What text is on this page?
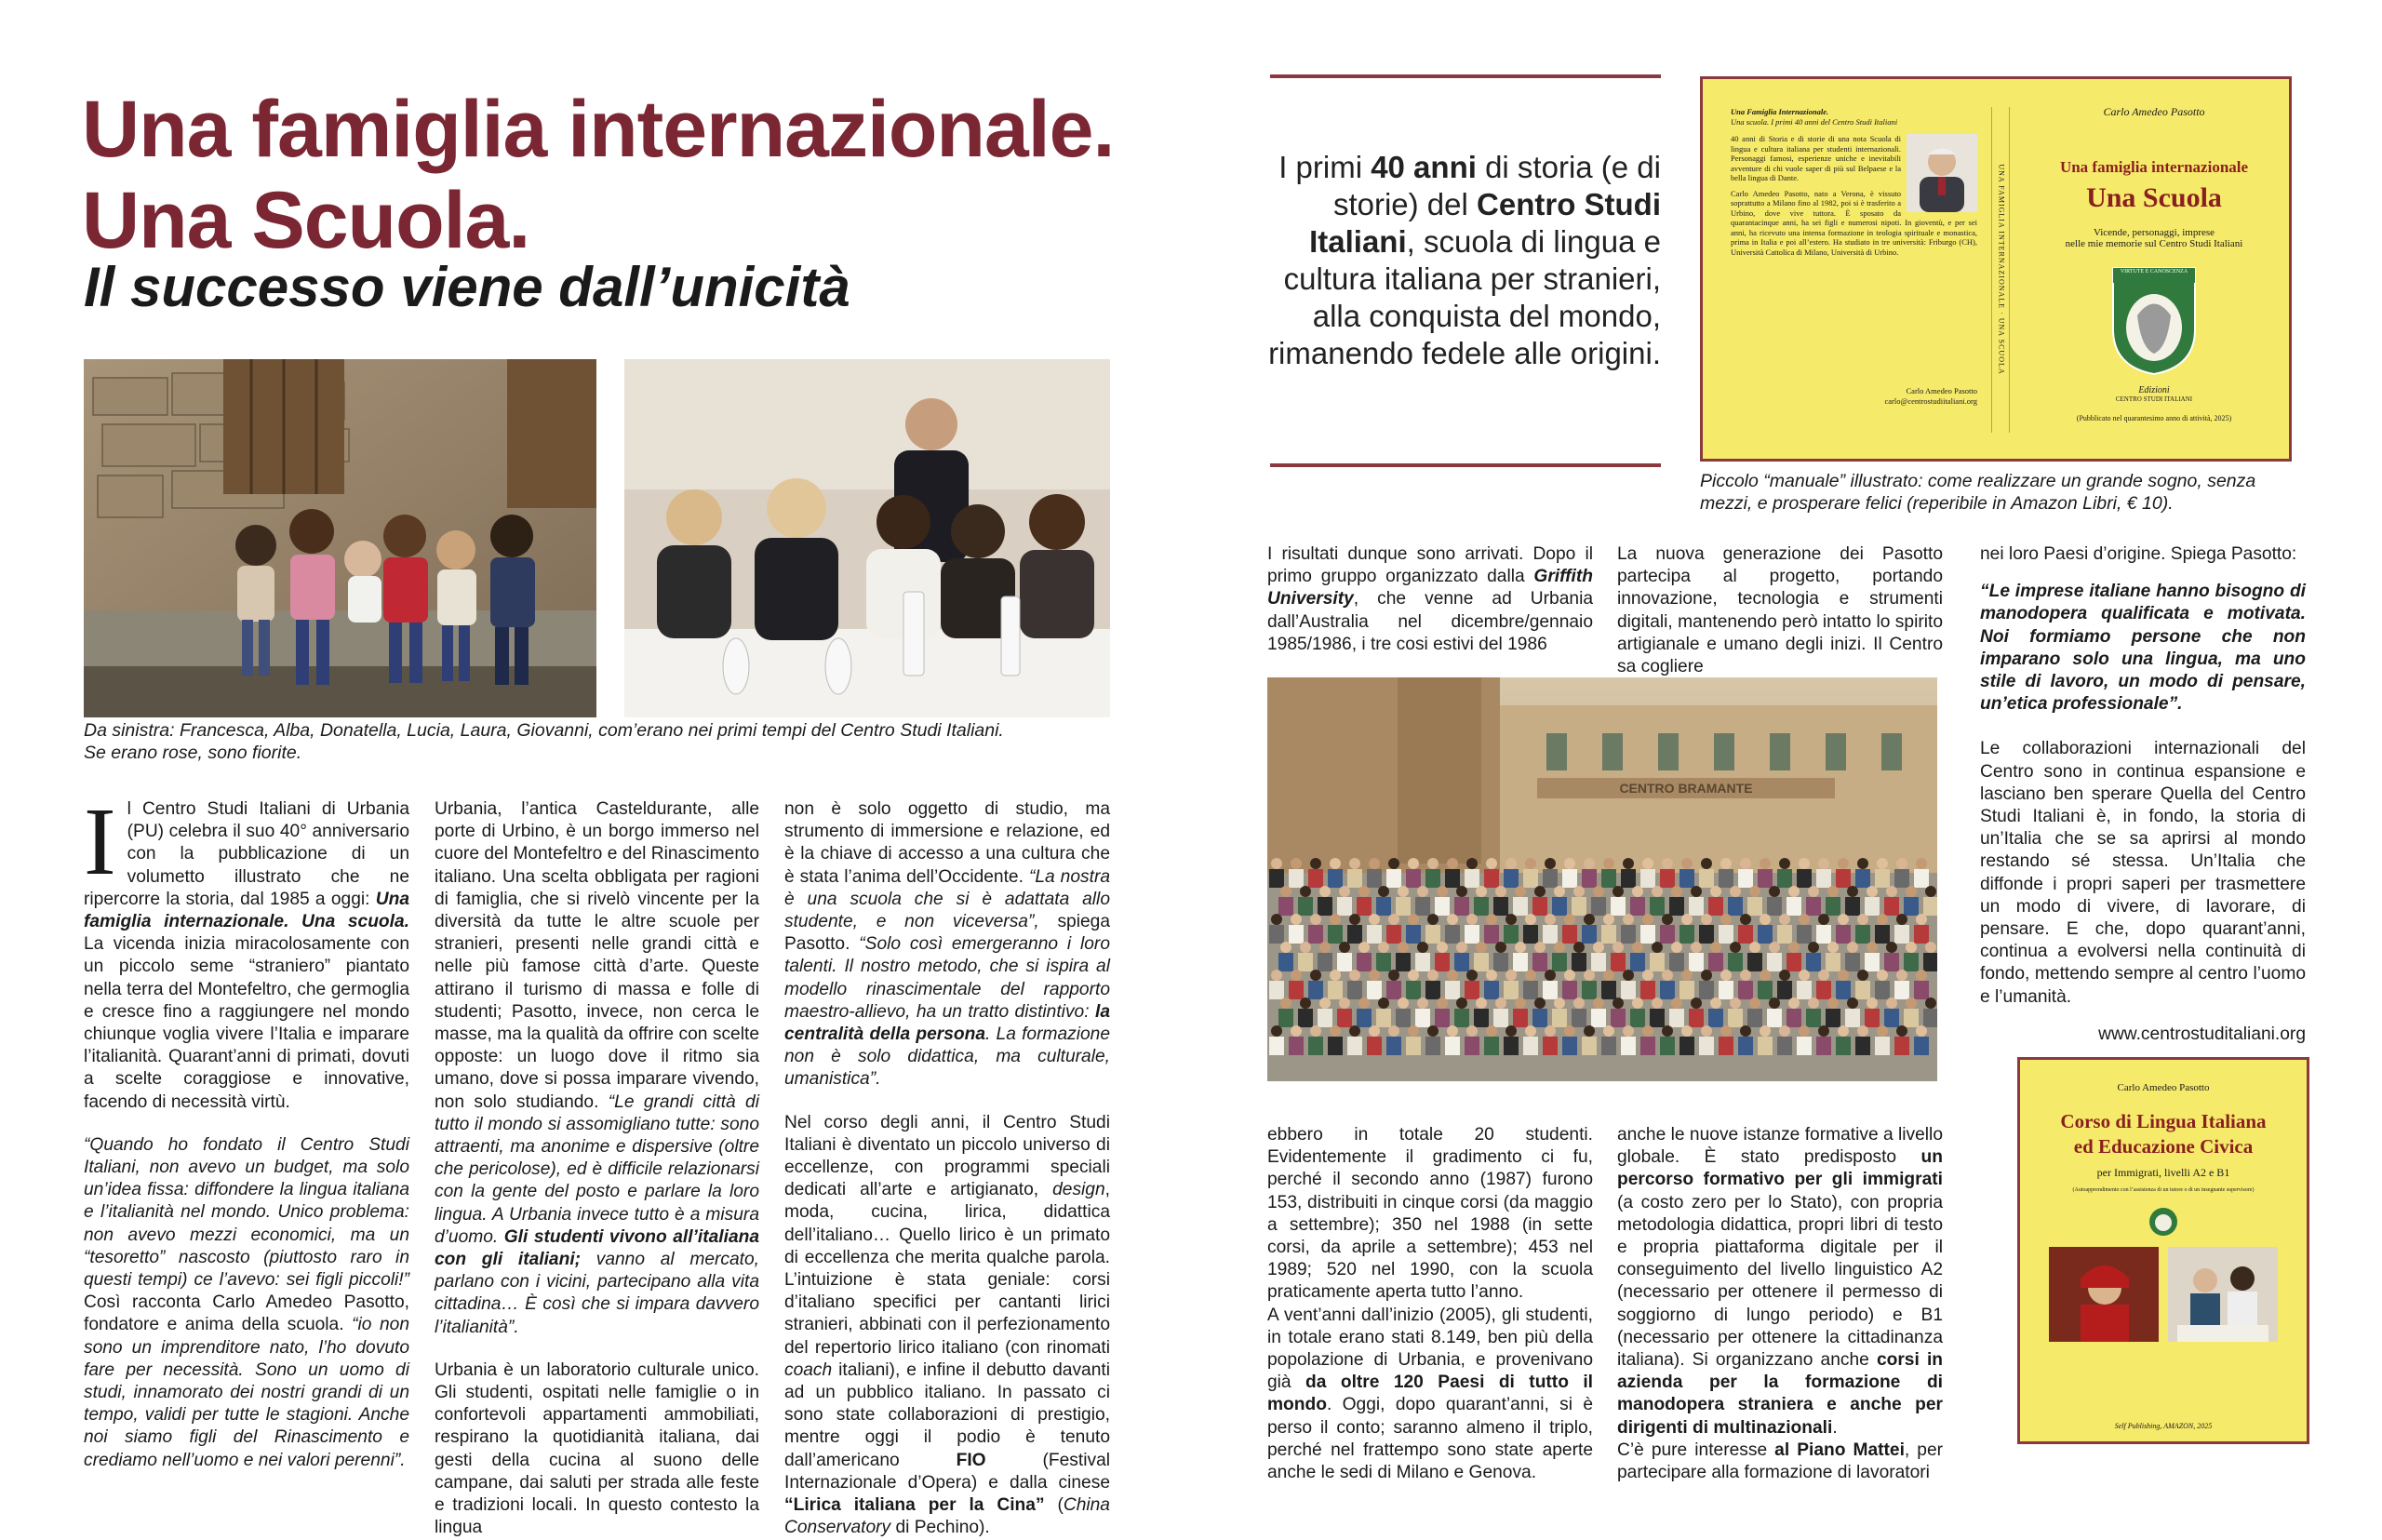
Una famiglia internazionale.
Una Scuola.
Il successo viene dall’unicità
Da sinistra: Francesca, Alba, Donatella, Lucia, Laura, Giovanni, com’erano nei primi tempi del Centro Studi Italiani.
Se erano rose, sono fiorite.

Il Centro Studi Italiani di Urbania (PU) celebra il suo 40° anniversario con la pubblicazione di un volumetto illustrato che ne ripercorre la storia, dal 1985 a oggi: Una famiglia internazionale. Una scuola. La vicenda inizia miracolosamente con un piccolo seme “straniero” piantato nella terra del Montefeltro, che germoglia e cresce fino a raggiungere nel mondo chiunque voglia vivere l’Italia e imparare l’italianità. Quarant’anni di primati, dovuti a scelte coraggiose e innovative, facendo di necessità virtù.

“Quando ho fondato il Centro Studi Italiani, non avevo un budget, ma solo un’idea fissa: diffondere la lingua italiana e l’italianità nel mondo. Unico problema: non avevo mezzi economici, ma un “tesoretto” nascosto (piuttosto raro in questi tempi) ce l’avevo: sei figli piccoli!” Così racconta Carlo Amedeo Pasotto, fondatore e anima della scuola. “io non sono un imprenditore nato, l’ho dovuto fare per necessità. Sono un uomo di studi, innamorato dei nostri grandi di un tempo, validi per tutte le stagioni. Anche noi siamo figli del Rinascimento e crediamo nell’uomo e nei valori perenni”.

Urbania, l’antica Casteldurante, alle porte di Urbino, è un borgo immerso nel cuore del Montefeltro e del Rinascimento italiano. Una scelta obbligata per ragioni di famiglia, che si rivelò vincente per la diversità da tutte le altre scuole per stranieri, presenti nelle grandi città e nelle più famose città d’arte. Queste attirano il turismo di massa e folle di studenti; Pasotto, invece, non cerca le masse, ma la qualità da offrire con scelte opposte: un luogo dove il ritmo sia umano, dove si possa imparare vivendo, non solo studiando. “Le grandi città di tutto il mondo si assomigliano tutte: sono attraenti, ma anonime e dispersive (oltre che pericolose), ed è difficile relazionarsi con la gente del posto e parlare la loro lingua. A Urbania invece tutto è a misura d’uomo. Gli studenti vivono all’italiana con gli italiani; vanno al mercato, parlano con i vicini, partecipano alla vita cittadina… È così che si impara davvero l’italianità”.

Urbania è un laboratorio culturale unico. Gli studenti, ospitati nelle famiglie o in confortevoli appartamenti ammobiliati, respirano la quotidianità italiana, dai gesti della cucina al suono delle campane, dai saluti per strada alle feste e tradizioni locali. In questo contesto la lingua

non è solo oggetto di studio, ma strumento di immersione e relazione, ed è la chiave di accesso a una cultura che è stata l’anima dell’Occidente. “La nostra è una scuola che si è adattata allo studente, e non viceversa”, spiega Pasotto. “Solo così emergeranno i loro talenti. Il nostro metodo, che si ispira al modello rinascimentale del rapporto maestro-allievo, ha un tratto distintivo: la centralità della persona. La formazione non è solo didattica, ma culturale, umanistica”.

Nel corso degli anni, il Centro Studi Italiani è diventato un piccolo universo di eccellenze, con programmi speciali dedicati all’arte e artigianato, design, moda, cucina, lirica, didattica dell’italiano… Quello lirico è un primato di eccellenza che merita qualche parola. L’intuizione è stata geniale: corsi d’italiano specifici per cantanti lirici stranieri, abbinati con il perfezionamento del repertorio lirico italiano (con rinomati coach italiani), e infine il debutto davanti ad un pubblico italiano. In passato ci sono state collaborazioni di prestigio, mentre oggi il podio è tenuto dall’americano FIO (Festival Internazionale d’Opera) e dalla cinese “Lirica italiana per la Cina” (China Conservatory di Pechino).

I primi 40 anni di storia (e di storie) del Centro Studi Italiani, scuola di lingua e cultura italiana per stranieri, alla conquista del mondo, rimanendo fedele alle origini.
Una Famiglia Internazionale.
Una scuola. I primi 40 anni del Centro Studi Italiani
40 anni di Storia e di storie di una nota Scuola di lingua e cultura italiana per studenti internazionali. Personaggi famosi, esperienze uniche e inevitabili avventure di chi vuole saper di più sul Belpaese e la bella lingua di Dante.
Carlo Amedeo Pasotto, nato a Verona, è vissuto soprattutto a Milano fino al 1982, poi si è trasferito a Urbino, dove vive tuttora. È sposato da quarantacinque anni, ha sei figli e numerosi nipoti. In gioventù, e per sei anni, ha ricevuto una intensa formazione in teologia spirituale e monastica, prima in Italia e poi all’estero. Ha studiato in tre università: Friburgo (CH), Università Cattolica di Milano, Università di Urbino.
Carlo Amedeo Pasotto
carlo@centrostudiitaliani.org
UNA FAMIGLIA INTERNAZIONALE · UNA SCUOLA
Carlo Amedeo Pasotto
Una famiglia internazionale
Una Scuola
Vicende, personaggi, imprese
nelle mie memorie sul Centro Studi Italiani
VIRTUTE E CANOSCENZA
Edizioni
CENTRO STUDI ITALIANI
(Pubblicato nel quarantesimo anno di attività, 2025)
Piccolo “manuale” illustrato: come realizzare un grande sogno, senza
mezzi, e prosperare felici (reperibile in Amazon Libri, € 10).

I risultati dunque sono arrivati. Dopo il primo gruppo organizzato dalla Griffith University, che venne ad Urbania dall’Australia nel dicembre/gennaio 1985/1986, i tre cosi estivi del 1986

La nuova generazione dei Pasotto partecipa al progetto, portando innovazione, tecnologia e strumenti digitali, mantenendo però intatto lo spirito artigianale e umano degli inizi. Il Centro sa cogliere

nei loro Paesi d’origine. Spiega Pasotto:

“Le imprese italiane hanno bisogno di manodopera qualificata e motivata. Noi formiamo persone che non imparano solo una lingua, ma uno stile di lavoro, un modo di pensare, un’etica professionale”.

Le collaborazioni internazionali del Centro sono in continua espansione e lasciano ben sperare Quella del Centro Studi Italiani è, in fondo, la storia di un’Italia che se sa aprirsi al mondo restando sé stessa. Un’Italia che diffonde i propri saperi per trasmettere un modo di vivere, di lavorare, di pensare. E che, dopo quarant’anni, continua a evolversi nella continuità di fondo, mettendo sempre al centro l’uomo e l’umanità.

www.centrostuditaliani.org
CENTRO BRAMANTE

ebbero in totale 20 studenti. Evidentemente il gradimento ci fu, perché il secondo anno (1987) furono 153, distribuiti in cinque corsi (da maggio a settembre); 350 nel 1988 (in sette corsi, da aprile a settembre); 453 nel 1989; 520 nel 1990, con la scuola praticamente aperta tutto l’anno.

A vent’anni dall’inizio (2005), gli studenti, in totale erano stati 8.149, ben più della popolazione di Urbania, e provenivano già da oltre 120 Paesi di tutto il mondo. Oggi, dopo quarant’anni, si è perso il conto; saranno almeno il triplo, perché nel frattempo sono state aperte anche le sedi di Milano e Genova.

anche le nuove istanze formative a livello globale. È stato predisposto un percorso formativo per gli immigrati (a costo zero per lo Stato), con propria metodologia didattica, propri libri di testo e propria piattaforma digitale per il conseguimento del livello linguistico A2 (necessario per ottenere il permesso di soggiorno di lungo periodo) e B1 (necessario per ottenere la cittadinanza italiana). Si organizzano anche corsi in azienda per la formazione di manodopera straniera e anche per dirigenti di multinazionali.

C’è pure interesse al Piano Mattei, per partecipare alla formazione di lavoratori

Carlo Amedeo Pasotto
Corso di Lingua Italiana
ed Educazione Civica
per Immigrati, livelli A2 e B1
(Autoapprendimento con l’assistenza di un tutore o di un insegnante supervisore)
Self Publishing, AMAZON, 2025
